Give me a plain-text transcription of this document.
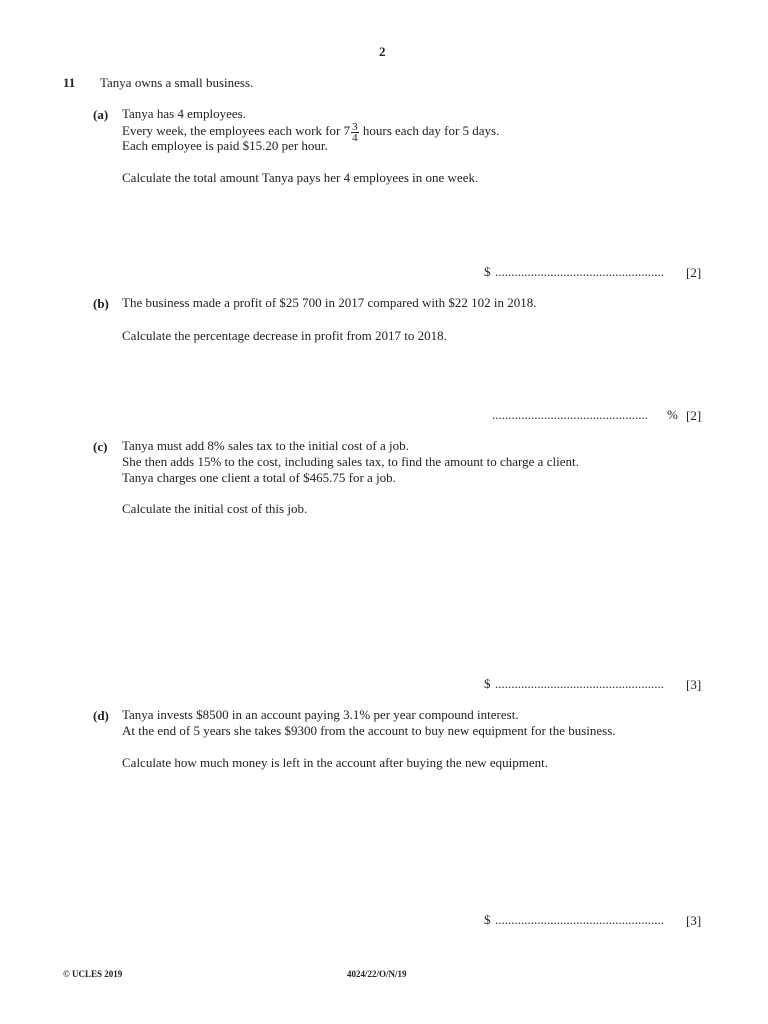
2
11 Tanya owns a small business.
(a) Tanya has 4 employees.
Every week, the employees each work for $7 \frac{3}{4}$ hours each day for 5 days.
Each employee is paid $15.20 per hour.
Calculate the total amount Tanya pays her 4 employees in one week.
$ ....................................................	[2]
(b) The business made a profit of $25 700 in 2017 compared with $22 102 in 2018.
Calculate the percentage decrease in profit from 2017 to 2018.
................................................	% [2]
(c) Tanya must add 8% sales tax to the initial cost of a job.
She then adds 15% to the cost, including sales tax, to find the amount to charge a client.
Tanya charges one client a total of $465.75 for a job.
Calculate the initial cost of this job.
$ ....................................................	[3]
(d) Tanya invests $8500 in an account paying 3.1% per year compound interest.
At the end of 5 years she takes $9300 from the account to buy new equipment for the business.
Calculate how much money is left in the account after buying the new equipment.
$ ....................................................	[3]
© UCLES 2019	4024/22/O/N/19
